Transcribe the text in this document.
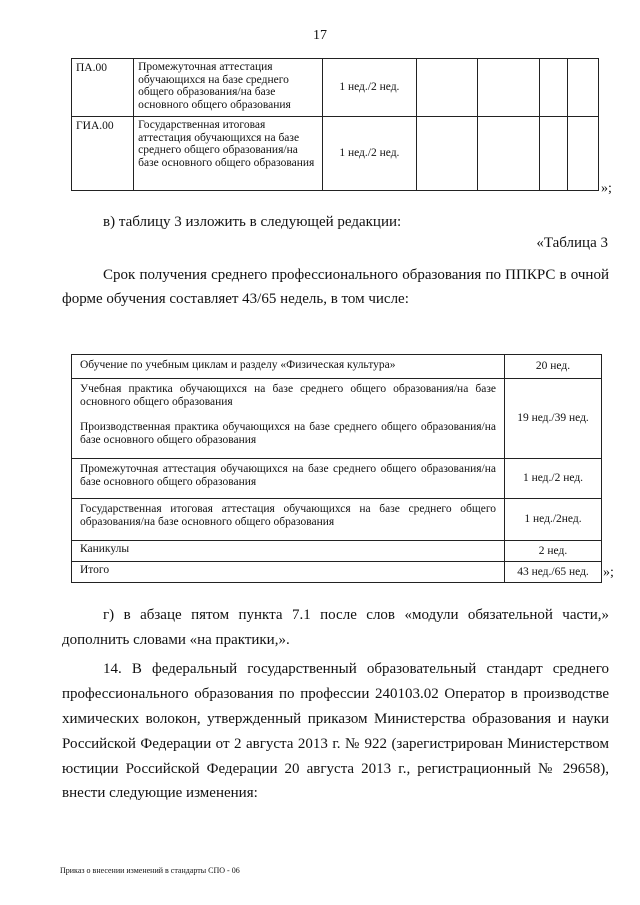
17
ПА.00	Промежуточная аттестация обучающихся на базе среднего общего образования/на базе основного общего образования	1 нед./2 нед.				
ГИА.00	Государственная итоговая аттестация обучающихся на базе среднего общего образования/на базе основного общего образования	1 нед./2 нед.				
»;
в) таблицу 3 изложить в следующей редакции:
«Таблица 3
Срок получения среднего профессионального образования по ППКРС в очной
форме обучения составляет 43/65 недель, в том числе:
Обучение по учебным циклам и разделу «Физическая культура»	20 нед.
Учебная практика обучающихся на базе среднего общего образования/на базе основного общего образования	19 нед./39 нед.
Производственная практика обучающихся на базе среднего общего образования/на базе основного общего образования	
Промежуточная аттестация обучающихся на базе среднего общего образования/на базе основного общего образования	1 нед./2 нед.
Государственная итоговая аттестация обучающихся на базе среднего общего образования/на базе основного общего образования	1 нед./2нед.
Каникулы	2 нед.
Итого	43 нед./65 нед. »;
г) в абзаце пятом пункта 7.1 после слов «модули обязательной части,»
дополнить словами «на практики,».
14. В федеральный государственный образовательный стандарт среднего
профессионального образования по профессии 240103.02 Оператор в производстве
химических волокон, утвержденный приказом Министерства образования и науки
Российской Федерации от 2 августа 2013 г. № 922 (зарегистрирован Министерством
юстиции Российской Федерации 20 августа 2013 г., регистрационный № 29658),
внести следующие изменения:
Приказ о внесении изменений в стандарты СПО - 06
